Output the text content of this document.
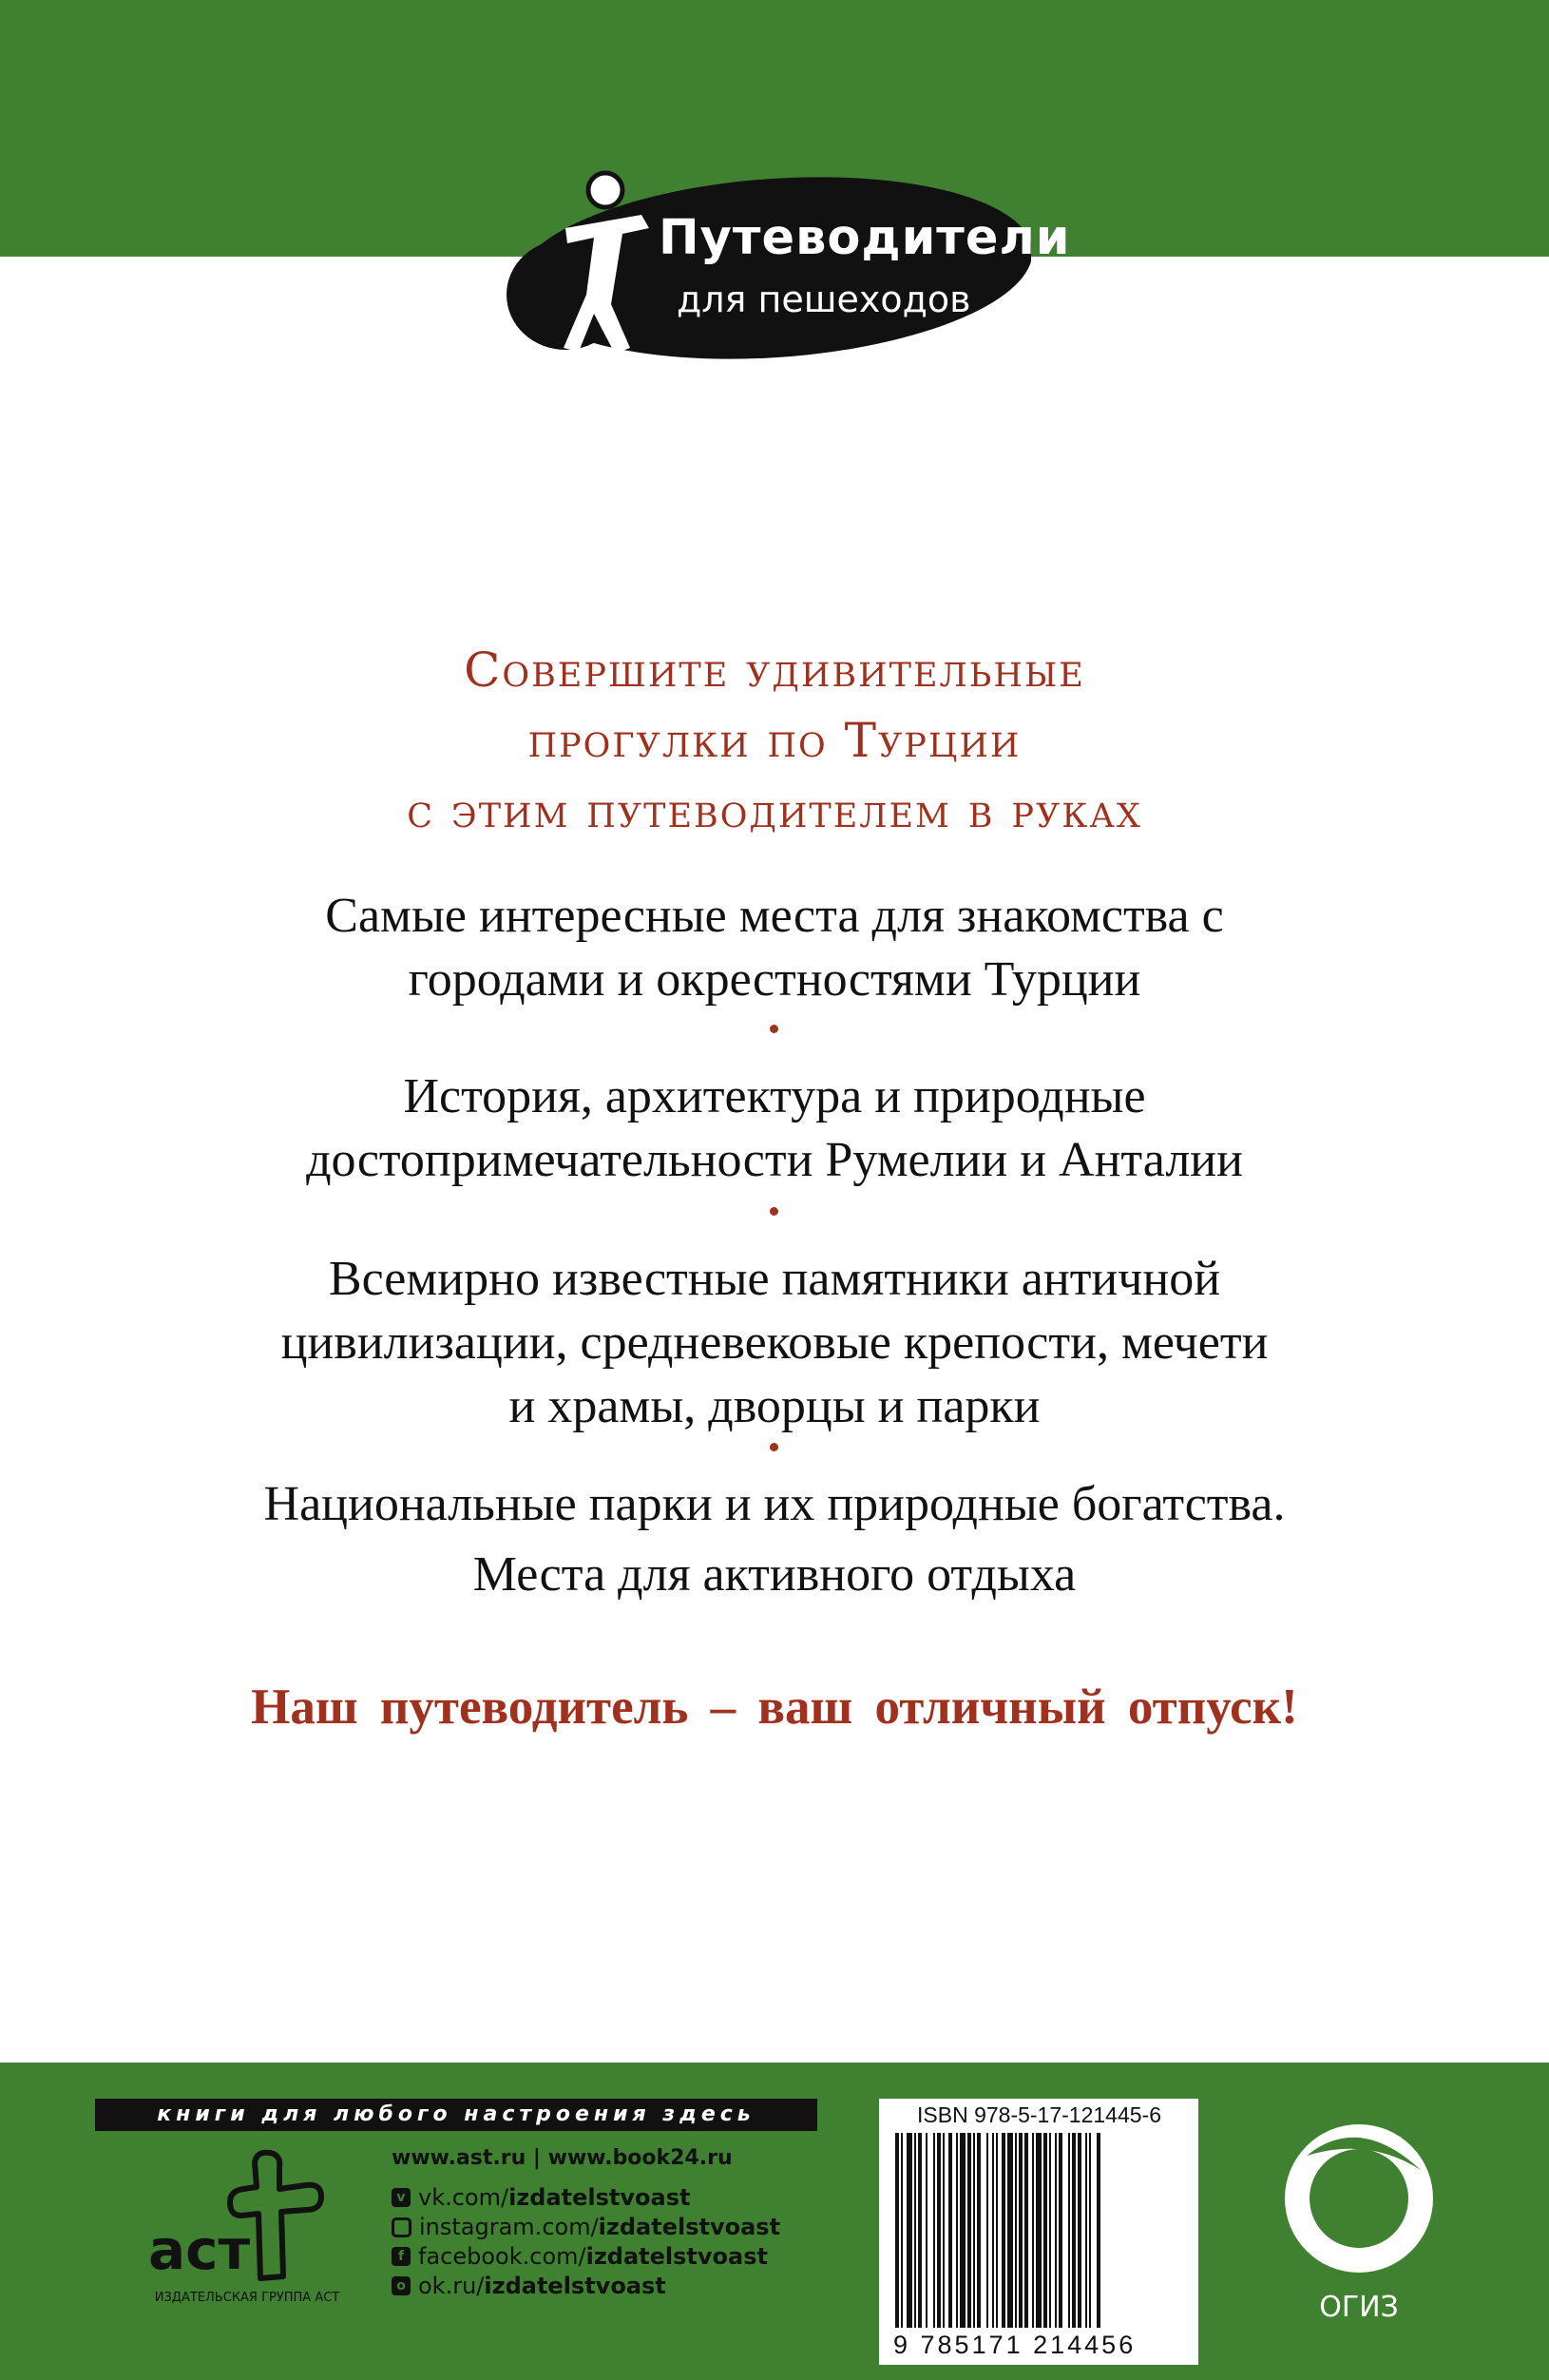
Путеводители
для пешеходов
Совершите удивительные
прогулки по Турции
с этим путеводителем в руках
Самые интересные места для знакомства с
городами и окрестностями Турции
История, архитектура и природные
достопримечательности Румелии и Анталии
Всемирно известные памятники античной
цивилизации, средневековые крепости, мечети
и храмы, дворцы и парки
Национальные парки и их природные богатства.
Места для активного отдыха
Наш путеводитель – ваш отличный отпуск!
книги для любого настроения здесь
аст
ИЗДАТЕЛЬСКАЯ ГРУППА АСТ
www.ast.ru | www.book24.ru
v vk.com/ izdatelstvoast
instagram.com/ izdatelstvoast
f facebook.com/ izdatelstvoast
o ok.ru/ izdatelstvoast
ISBN 978-5-17-121445-6
9 785171 214456
ОГИЗ
